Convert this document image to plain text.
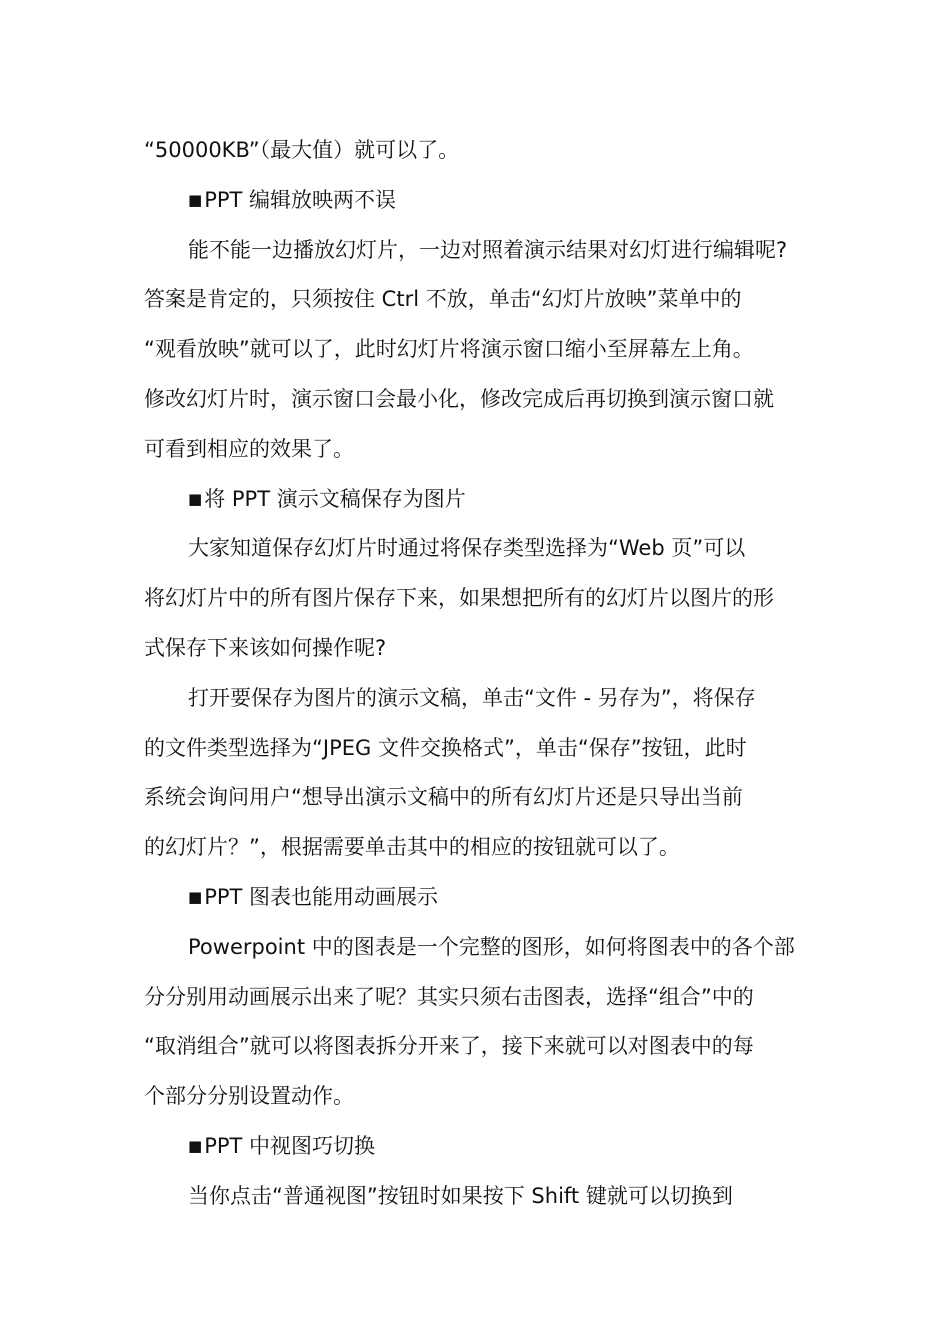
“50000KB”（最大值）就可以了。
■PPT 编辑放映两不误
能不能一边播放幻灯片，一边对照着演示结果对幻灯进行编辑呢?
答案是肯定的，只须按住 Ctrl 不放，单击“幻灯片放映”菜单中的
“观看放映”就可以了，此时幻灯片将演示窗口缩小至屏幕左上角。
修改幻灯片时，演示窗口会最小化，修改完成后再切换到演示窗口就
可看到相应的效果了。
■将 PPT 演示文稿保存为图片
大家知道保存幻灯片时通过将保存类型选择为“Web 页”可以
将幻灯片中的所有图片保存下来，如果想把所有的幻灯片以图片的形
式保存下来该如何操作呢?
打开要保存为图片的演示文稿，单击“文件 - 另存为”，将保存
的文件类型选择为“JPEG 文件交换格式”，单击“保存”按钮，此时
系统会询问用户“想导出演示文稿中的所有幻灯片还是只导出当前
的幻灯片？”，根据需要单击其中的相应的按钮就可以了。
■PPT 图表也能用动画展示
Powerpoint 中的图表是一个完整的图形，如何将图表中的各个部
分分别用动画展示出来了呢？其实只须右击图表，选择“组合”中的
“取消组合”就可以将图表拆分开来了，接下来就可以对图表中的每
个部分分别设置动作。
■PPT 中视图巧切换
当你点击“普通视图”按钮时如果按下 Shift 键就可以切换到
